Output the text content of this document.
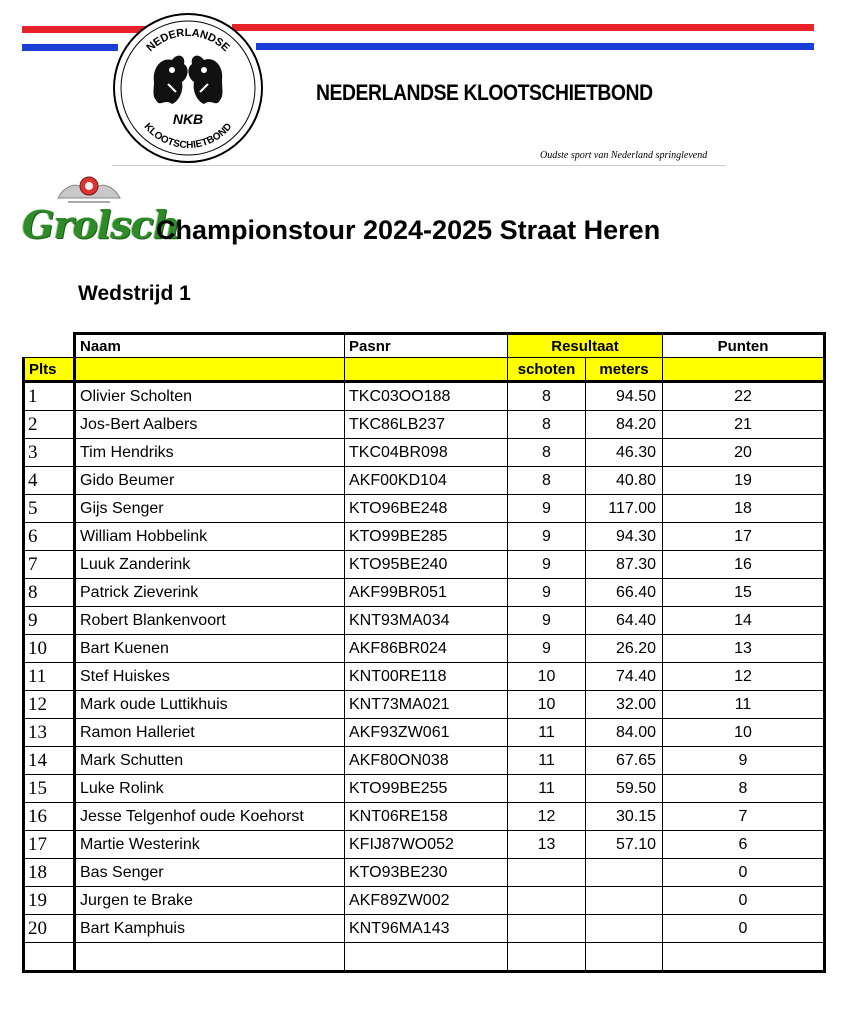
NEDERLANDSE
KLOOTSCHIETBOND
NKB
NEDERLANDSE KLOOTSCHIETBOND
Oudste sport van Nederland springlevend
Grolsch
Championstour 2024-2025 Straat Heren
Wedstrijd 1
	Naam	Pasnr	Resultaat		Punten
Plts			schoten	meters	
1	Olivier Scholten	TKC03OO188	8	94.50	22
2	Jos-Bert Aalbers	TKC86LB237	8	84.20	21
3	Tim Hendriks	TKC04BR098	8	46.30	20
4	Gido Beumer	AKF00KD104	8	40.80	19
5	Gijs Senger	KTO96BE248	9	117.00	18
6	William Hobbelink	KTO99BE285	9	94.30	17
7	Luuk Zanderink	KTO95BE240	9	87.30	16
8	Patrick Zieverink	AKF99BR051	9	66.40	15
9	Robert Blankenvoort	KNT93MA034	9	64.40	14
10	Bart Kuenen	AKF86BR024	9	26.20	13
11	Stef Huiskes	KNT00RE118	10	74.40	12
12	Mark oude Luttikhuis	KNT73MA021	10	32.00	11
13	Ramon Halleriet	AKF93ZW061	11	84.00	10
14	Mark Schutten	AKF80ON038	11	67.65	9
15	Luke Rolink	KTO99BE255	11	59.50	8
16	Jesse Telgenhof oude Koehorst	KNT06RE158	12	30.15	7
17	Martie Westerink	KFIJ87WO052	13	57.10	6
18	Bas Senger	KTO93BE230			0
19	Jurgen te Brake	AKF89ZW002			0
20	Bart Kamphuis	KNT96MA143			0
